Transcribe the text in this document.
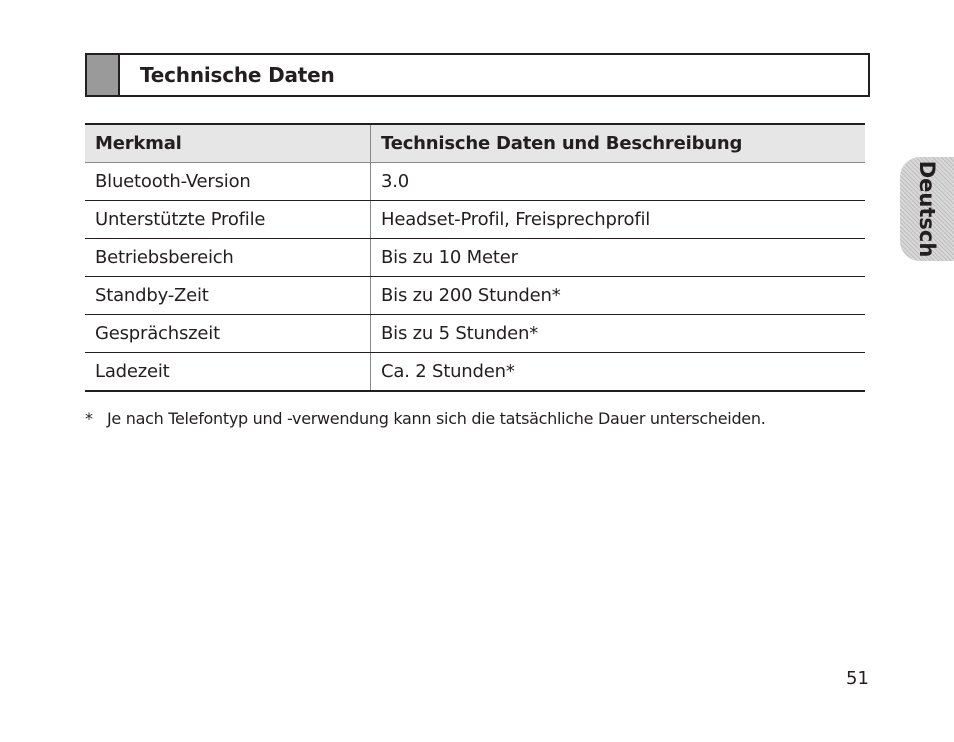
Technische Daten
Merkmal	Technische Daten und Beschreibung
Bluetooth-Version	3.0
Unterstützte Profile	Headset-Profil, Freisprechprofil
Betriebsbereich	Bis zu 10 Meter
Standby-Zeit	Bis zu 200 Stunden*
Gesprächszeit	Bis zu 5 Stunden*
Ladezeit	Ca. 2 Stunden*
* Je nach Telefontyp und -verwendung kann sich die tatsächliche Dauer unterscheiden.
Deutsch
51
